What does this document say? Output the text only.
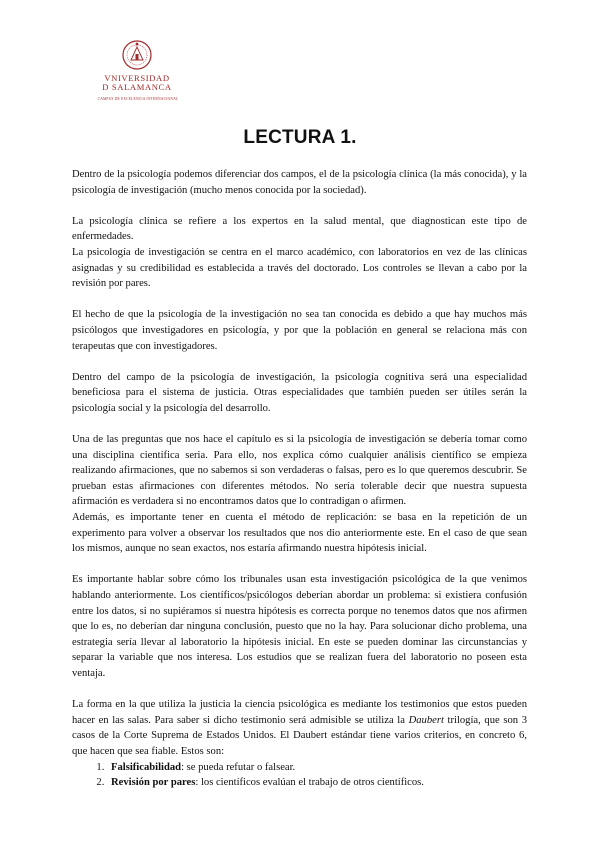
VNIVERSIDAD
D SALAMANCA
CAMPUS DE EXCELENCIA INTERNACIONAL
LECTURA 1.

Dentro de la psicología podemos diferenciar dos campos, el de la psicología clínica (la más conocida), y la psicología de investigación (mucho menos conocida por la sociedad).

La psicología clínica se refiere a los expertos en la salud mental, que diagnostican este tipo de enfermedades.

La psicología de investigación se centra en el marco académico, con laboratorios en vez de las clínicas asignadas y su credibilidad es establecida a través del doctorado. Los controles se llevan a cabo por la revisión por pares.

El hecho de que la psicología de la investigación no sea tan conocida es debido a que hay muchos más psicólogos que investigadores en psicología, y por que la población en general se relaciona más con terapeutas que con investigadores.

Dentro del campo de la psicología de investigación, la psicología cognitiva será una especialidad beneficiosa para el sistema de justicia. Otras especialidades que también pueden ser útiles serán la psicología social y la psicología del desarrollo.

Una de las preguntas que nos hace el capítulo es si la psicología de investigación se debería tomar como una disciplina científica seria. Para ello, nos explica cómo cualquier análisis científico se empieza realizando afirmaciones, que no sabemos si son verdaderas o falsas, pero es lo que queremos descubrir. Se prueban estas afirmaciones con diferentes métodos. No sería tolerable decir que nuestra supuesta afirmación es verdadera si no encontramos datos que lo contradigan o afirmen.

Además, es importante tener en cuenta el método de replicación: se basa en la repetición de un experimento para volver a observar los resultados que nos dio anteriormente este. En el caso de que sean los mismos, aunque no sean exactos, nos estaría afirmando nuestra hipótesis inicial.

Es importante hablar sobre cómo los tribunales usan esta investigación psicológica de la que venimos hablando anteriormente. Los científicos/psicólogos deberían abordar un problema: si existiera confusión entre los datos, si no supiéramos si nuestra hipótesis es correcta porque no tenemos datos que nos afirmen que lo es, no deberían dar ninguna conclusión, puesto que no la hay. Para solucionar dicho problema, una estrategia sería llevar al laboratorio la hipótesis inicial. En este se pueden dominar las circunstancias y separar la variable que nos interesa. Los estudios que se realizan fuera del laboratorio no poseen esta ventaja.

La forma en la que utiliza la justicia la ciencia psicológica es mediante los testimonios que estos pueden hacer en las salas. Para saber si dicho testimonio será admisible se utiliza la Daubert trilogía, que son 3 casos de la Corte Suprema de Estados Unidos. El Daubert estándar tiene varios criterios, en concreto 6, que hacen que sea fiable. Estos son:

1. Falsificabilidad: se pueda refutar o falsear.
2. Revisión por pares: los científicos evalúan el trabajo de otros científicos.
